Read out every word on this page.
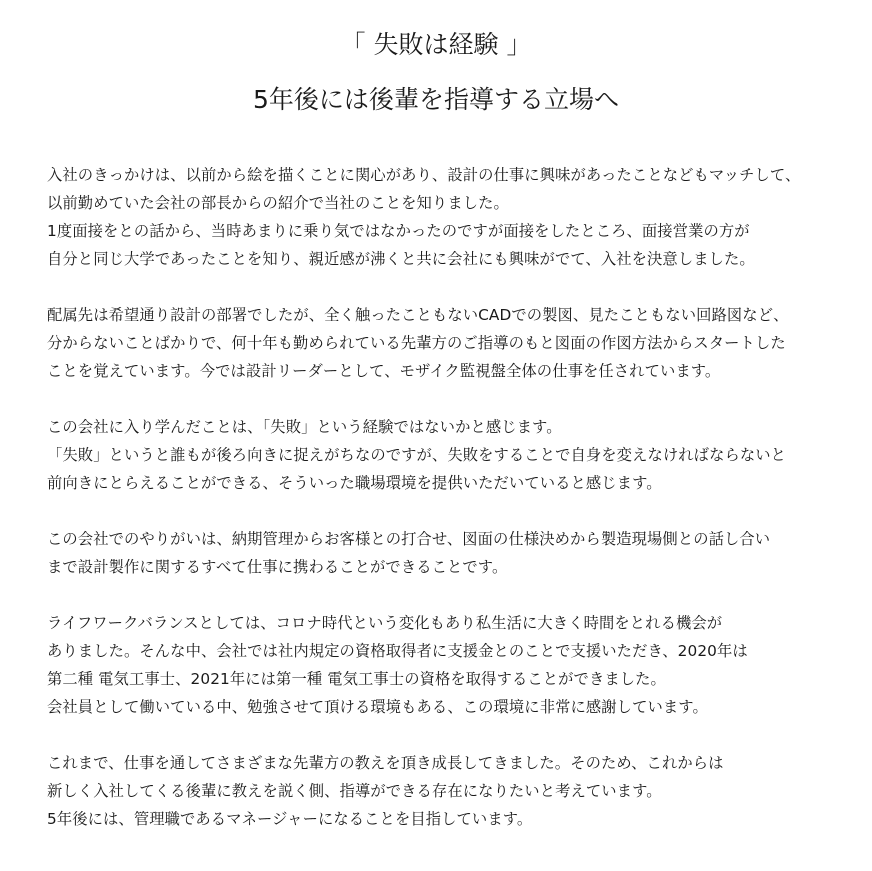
「 失敗は経験 」
5年後には後輩を指導する立場へ

入社のきっかけは、以前から絵を描くことに関心があり、設計の仕事に興味があったことなどもマッチして、
以前勤めていた会社の部長からの紹介で当社のことを知りました。
1度面接をとの話から、当時あまりに乗り気ではなかったのですが面接をしたところ、面接営業の方が
自分と同じ大学であったことを知り、親近感が沸くと共に会社にも興味がでて、入社を決意しました。

配属先は希望通り設計の部署でしたが、全く触ったこともないCADでの製図、見たこともない回路図など、
分からないことばかりで、何十年も勤められている先輩方のご指導のもと図面の作図方法からスタートした
ことを覚えています。今では設計リーダーとして、モザイク監視盤全体の仕事を任されています。

この会社に入り学んだことは、「失敗」という経験ではないかと感じます。
「失敗」というと誰もが後ろ向きに捉えがちなのですが、失敗をすることで自身を変えなければならないと
前向きにとらえることができる、そういった職場環境を提供いただいていると感じます。

この会社でのやりがいは、納期管理からお客様との打合せ、図面の仕様決めから製造現場側との話し合い
まで設計製作に関するすべて仕事に携わることができることです。

ライフワークバランスとしては、コロナ時代という変化もあり私生活に大きく時間をとれる機会が
ありました。そんな中、会社では社内規定の資格取得者に支援金とのことで支援いただき、2020年は
第二種 電気工事士、2021年には第一種 電気工事士の資格を取得することができました。
会社員として働いている中、勉強させて頂ける環境もある、この環境に非常に感謝しています。

これまで、仕事を通してさまざまな先輩方の教えを頂き成長してきました。そのため、これからは
新しく入社してくる後輩に教えを説く側、指導ができる存在になりたいと考えています。
5年後には、管理職であるマネージャーになることを目指しています。
